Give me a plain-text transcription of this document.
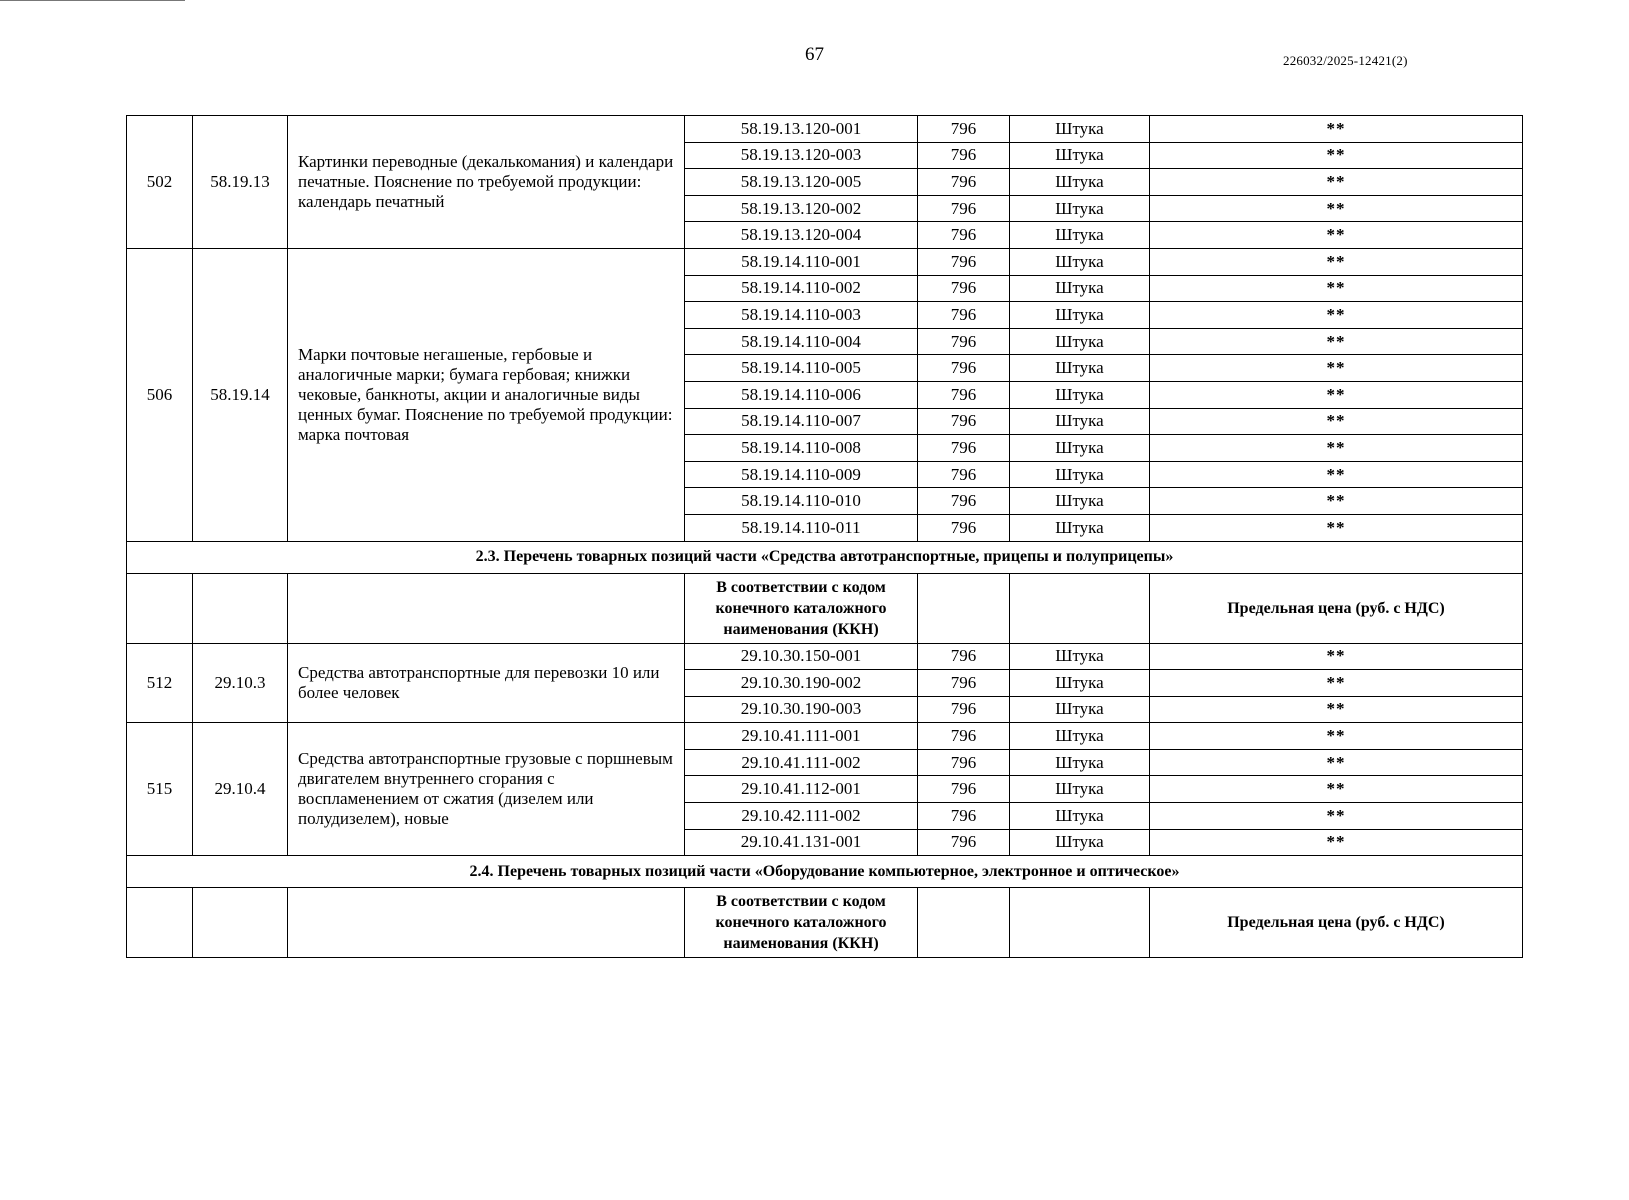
67	226032/2025-12421(2)
502	58.19.13	Картинки переводные (декалькомания) и календари печатные. Пояснение по требуемой продукции: календарь печатный	58.19.13.120-001	796	Штука	**
			58.19.13.120-003	796	Штука	**
			58.19.13.120-005	796	Штука	**
			58.19.13.120-002	796	Штука	**
			58.19.13.120-004	796	Штука	**
506	58.19.14	Марки почтовые негашеные, гербовые и аналогичные марки; бумага гербовая; книжки чековые, банкноты, акции и аналогичные виды ценных бумаг. Пояснение по требуемой продукции: марка почтовая	58.19.14.110-001	796	Штука	**
			58.19.14.110-002	796	Штука	**
			58.19.14.110-003	796	Штука	**
			58.19.14.110-004	796	Штука	**
			58.19.14.110-005	796	Штука	**
			58.19.14.110-006	796	Штука	**
			58.19.14.110-007	796	Штука	**
			58.19.14.110-008	796	Штука	**
			58.19.14.110-009	796	Штука	**
			58.19.14.110-010	796	Штука	**
			58.19.14.110-011	796	Штука	**
2.3. Перечень товарных позиций части «Средства автотранспортные, прицепы и полуприцепы»						
			В соответствии с кодом конечного каталожного наименования (ККН)			Предельная цена (руб. с НДС)
512	29.10.3	Средства автотранспортные для перевозки 10 или более человек	29.10.30.150-001	796	Штука	**
			29.10.30.190-002	796	Штука	**
			29.10.30.190-003	796	Штука	**
515	29.10.4	Средства автотранспортные грузовые с поршневым двигателем внутреннего сгорания с воспламенением от сжатия (дизелем или полудизелем), новые	29.10.41.111-001	796	Штука	**
			29.10.41.111-002	796	Штука	**
			29.10.41.112-001	796	Штука	**
			29.10.42.111-002	796	Штука	**
			29.10.41.131-001	796	Штука	**
2.4. Перечень товарных позиций части «Оборудование компьютерное, электронное и оптическое»						
			В соответствии с кодом конечного каталожного наименования (ККН)			Предельная цена (руб. с НДС)
